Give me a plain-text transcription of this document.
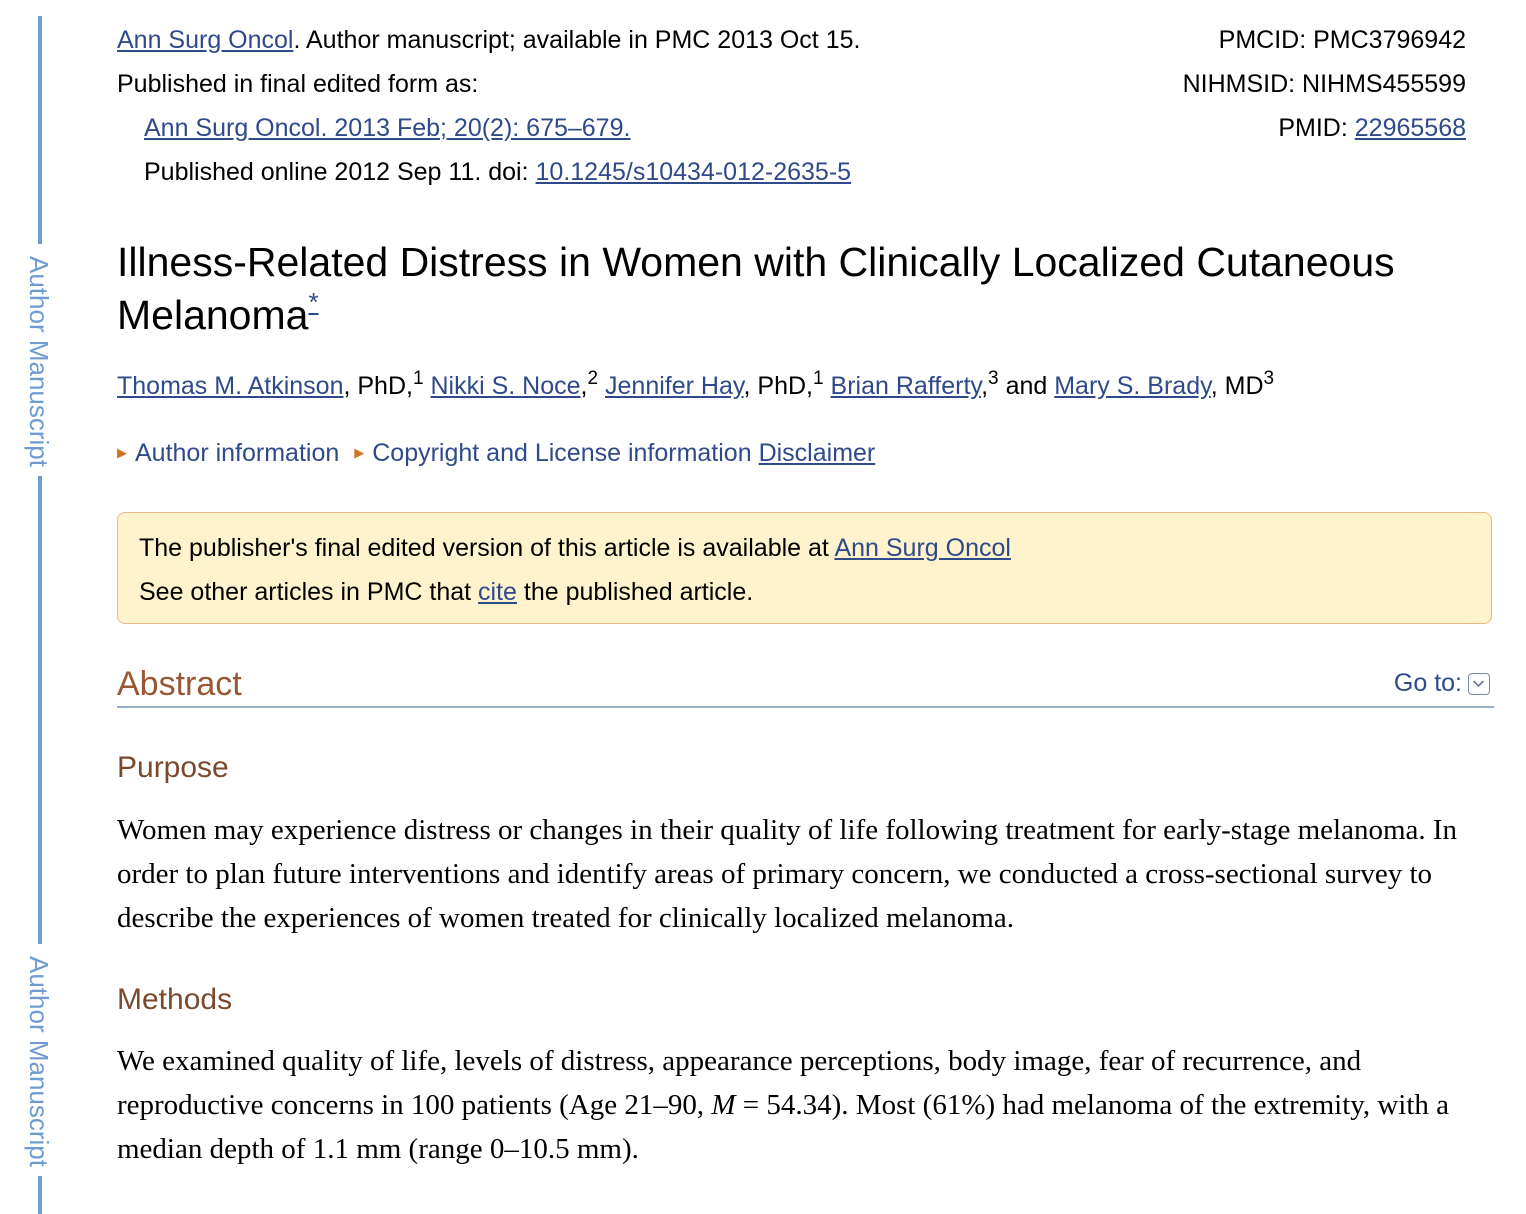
Author Manuscript
Author Manuscript
Ann Surg Oncol. Author manuscript; available in PMC 2013 Oct 15.
Published in final edited form as:
Ann Surg Oncol. 2013 Feb; 20(2): 675–679.
Published online 2012 Sep 11. doi: 10.1245/s10434-012-2635-5
PMCID: PMC3796942
NIHMSID: NIHMS455599
PMID: 22965568
Illness-Related Distress in Women with Clinically Localized Cutaneous Melanoma*
Thomas M. Atkinson, PhD,$^1$ Nikki S. Noce,$^2$ Jennifer Hay, PhD,$^1$ Brian Rafferty,$^3$ and Mary S. Brady, $MD^3$
▶ Author information ▶ Copyright and License information Disclaimer
The publisher's final edited version of this article is available at Ann Surg Oncol
See other articles in PMC that cite the published article.
Abstract	Go to:
Purpose

Women may experience distress or changes in their quality of life following treatment for early-stage melanoma. In order to plan future interventions and identify areas of primary concern, we conducted a cross-sectional survey to describe the experiences of women treated for clinically localized melanoma.

Methods

We examined quality of life, levels of distress, appearance perceptions, body image, fear of recurrence, and reproductive concerns in 100 patients (Age 21–90, M = 54.34). Most (61%) had melanoma of the extremity, with a median depth of 1.1 mm (range 0–10.5 mm).
